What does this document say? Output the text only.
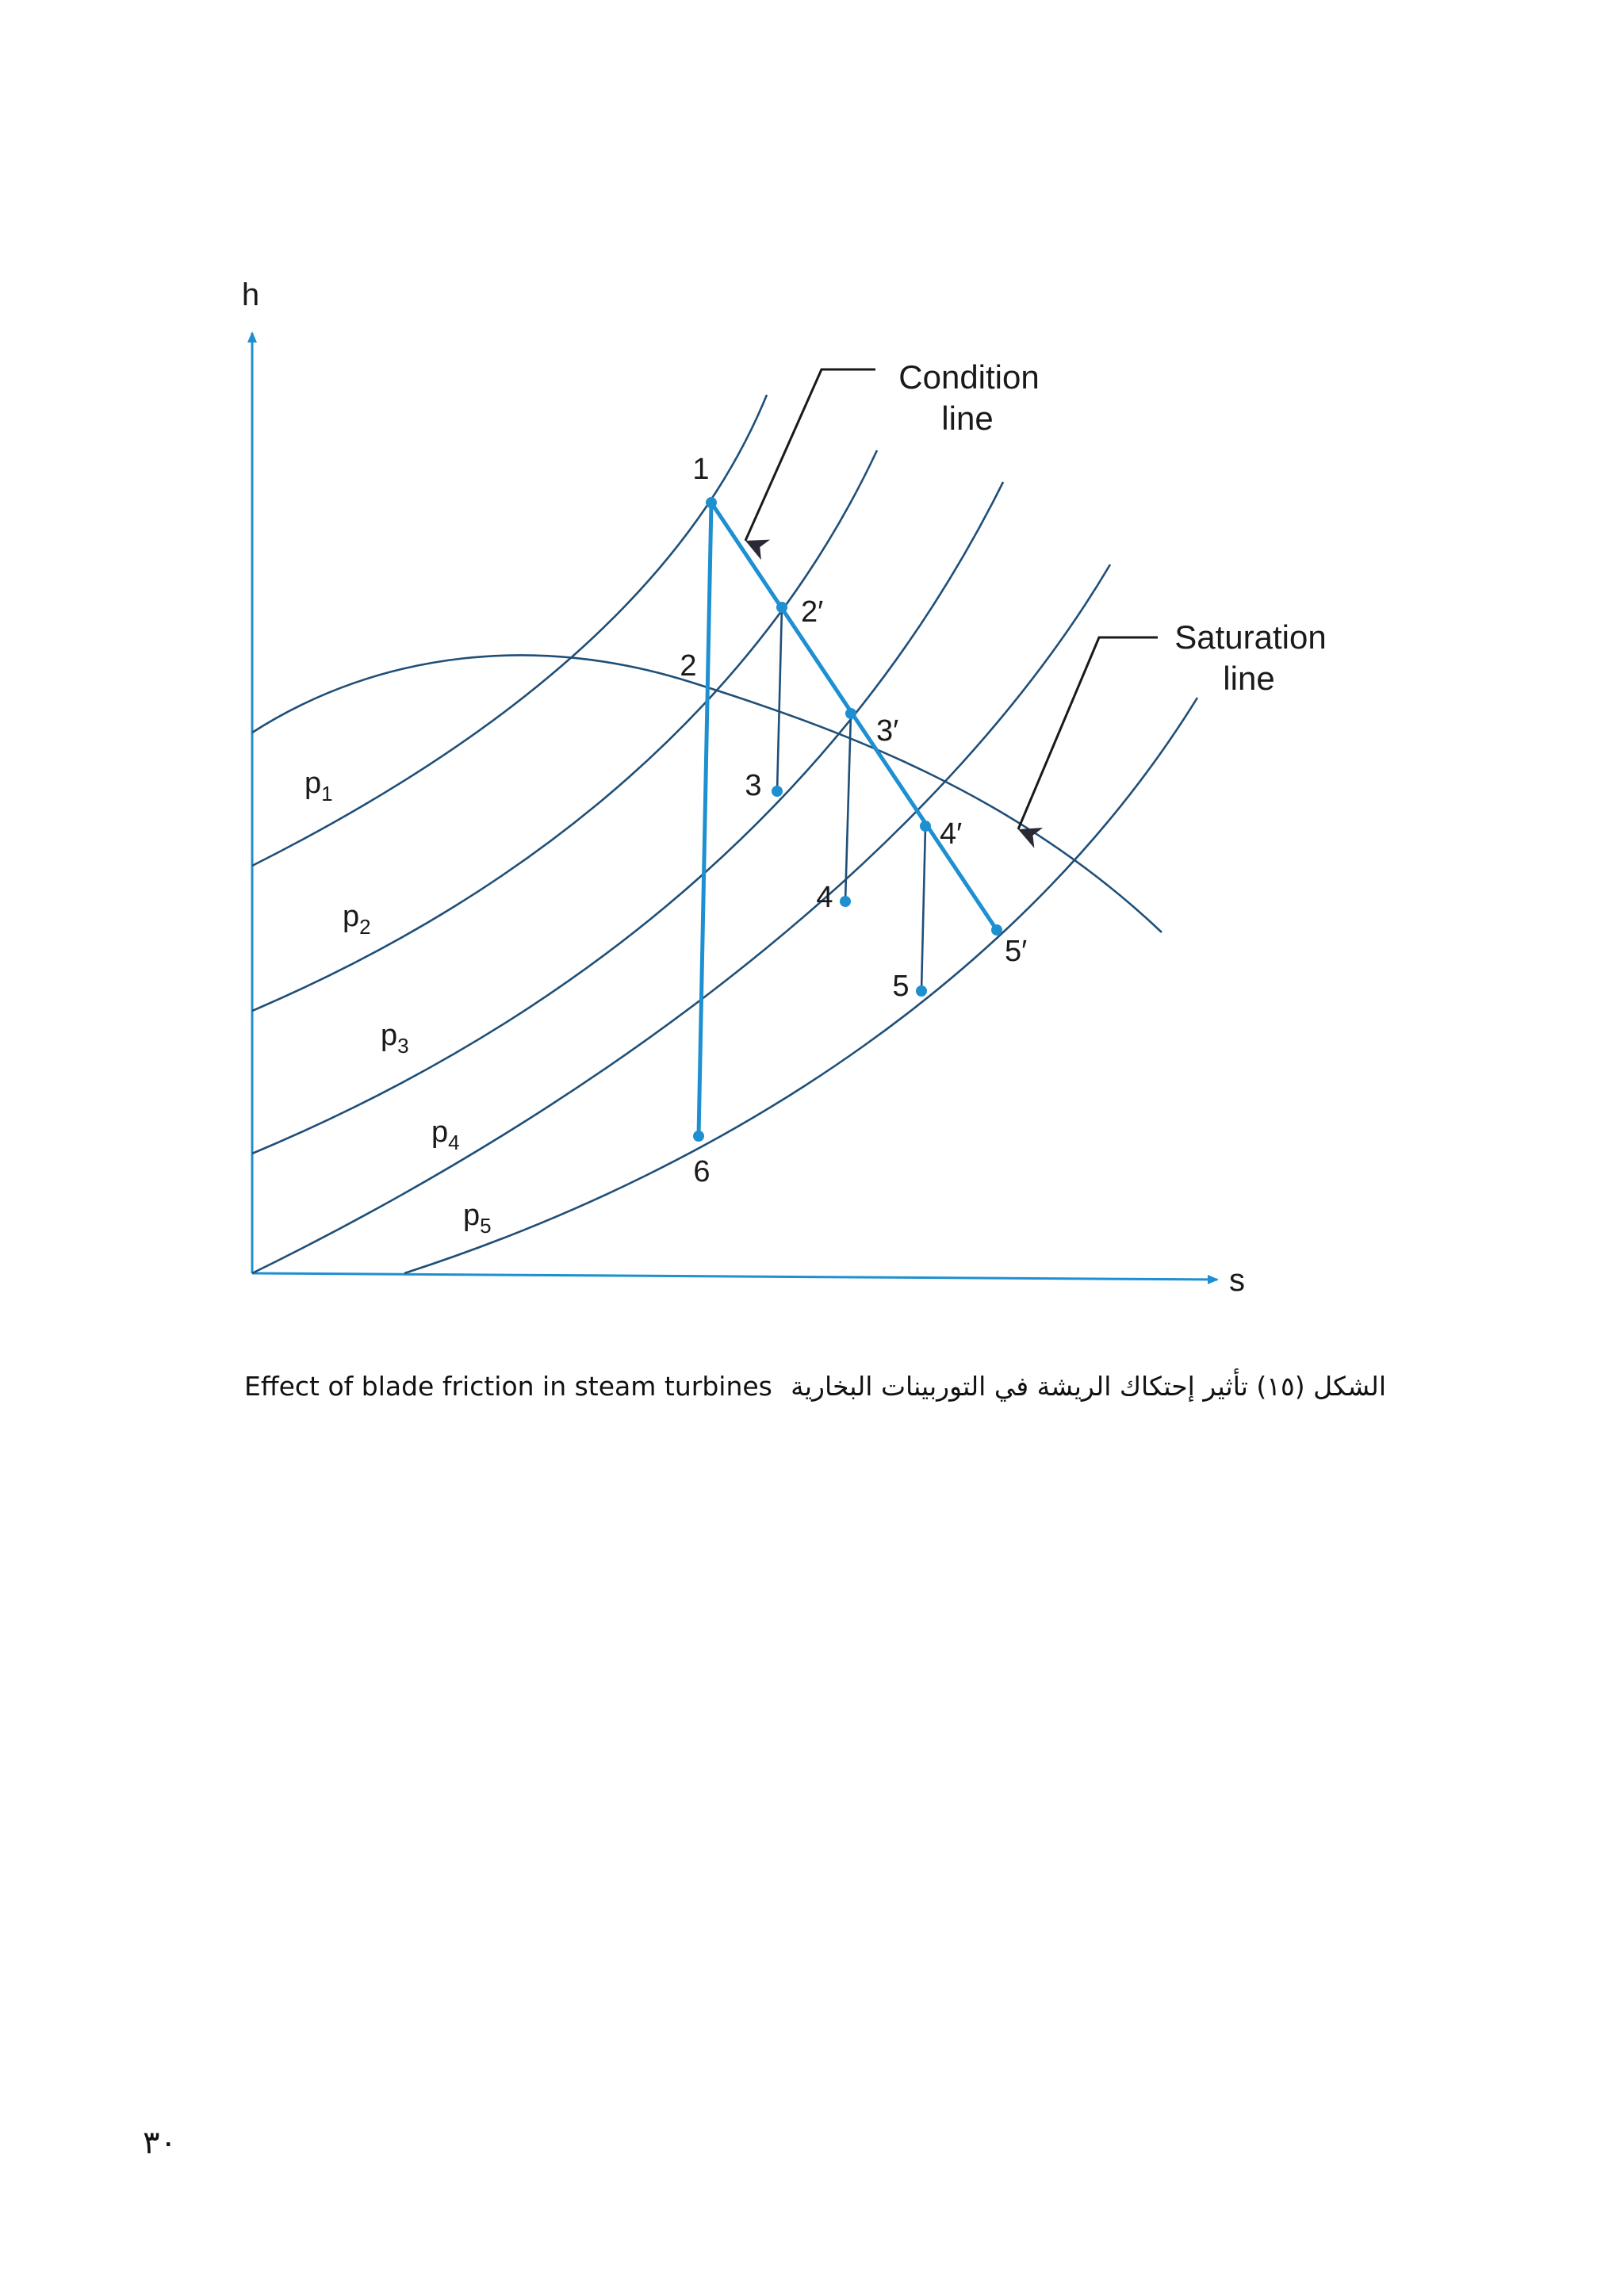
h
s
$p_1$
$p_2$
$p_3$
$p_4$
$p_5$
1
2
3
4
5
6
2′
3′
4′
5′
Condition
line
Saturation
line
Effect of blade friction in steam turbines الشكل (١٥) تأثير إحتكاك الريشة في التوربينات البخارية
٣٠
